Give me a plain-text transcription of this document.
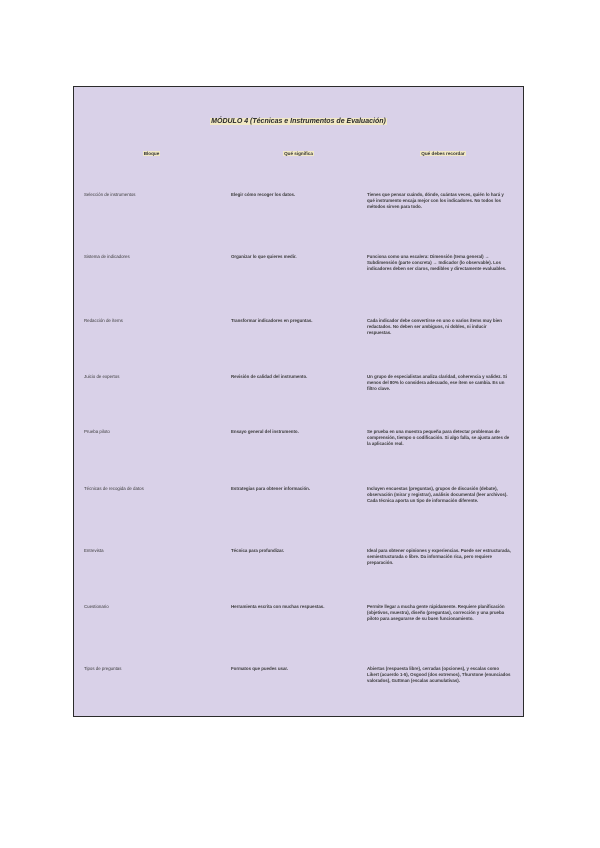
MÓDULO 4 (Técnicas e Instrumentos de Evaluación)
Bloque	Qué significa	Qué debes recordar
Selección de instrumentos	Elegir cómo recoger los datos.	Tienes que pensar cuándo, dónde, cuántas veces, quién lo hará y qué instrumento encaja mejor con los indicadores. No todos los métodos sirven para todo.
Sistema de indicadores	Organizar lo que quieres medir.	Funciona como una escalera: Dimensión (tema general) → Subdimensión (parte concreta) → Indicador (lo observable). Los indicadores deben ser claros, medibles y directamente evaluables.
Redacción de ítems	Transformar indicadores en preguntas.	Cada indicador debe convertirse en uno o varios ítems muy bien redactados. No deben ser ambiguos, ni dobles, ni inducir respuestas.
Juicio de expertos	Revisión de calidad del instrumento.	Un grupo de especialistas analiza claridad, coherencia y validez. Si menos del 80% lo considera adecuado, ese ítem se cambia. Es un filtro clave.
Prueba piloto	Ensayo general del instrumento.	Se prueba en una muestra pequeña para detectar problemas de comprensión, tiempo o codificación. Si algo falla, se ajusta antes de la aplicación real.
Técnicas de recogida de datos	Estrategias para obtener información.	Incluyen encuestas (preguntas), grupos de discusión (debate), observación (mirar y registrar), análisis documental (leer archivos). Cada técnica aporta un tipo de información diferente.
Entrevista	Técnica para profundizar.	Ideal para obtener opiniones y experiencias. Puede ser estructurada, semiestructurada o libre. Da información rica, pero requiere preparación.
Cuestionario	Herramienta escrita con muchas respuestas.	Permite llegar a mucha gente rápidamente. Requiere planificación (objetivos, muestra), diseño (preguntas), corrección y una prueba piloto para asegurarse de su buen funcionamiento.
Tipos de preguntas	Formatos que puedes usar.	Abiertas (respuesta libre), cerradas (opciones), y escalas como Likert (acuerdo 1-5), Osgood (dos extremos), Thurstone (enunciados valorados), Guttman (escalas acumulativas).
